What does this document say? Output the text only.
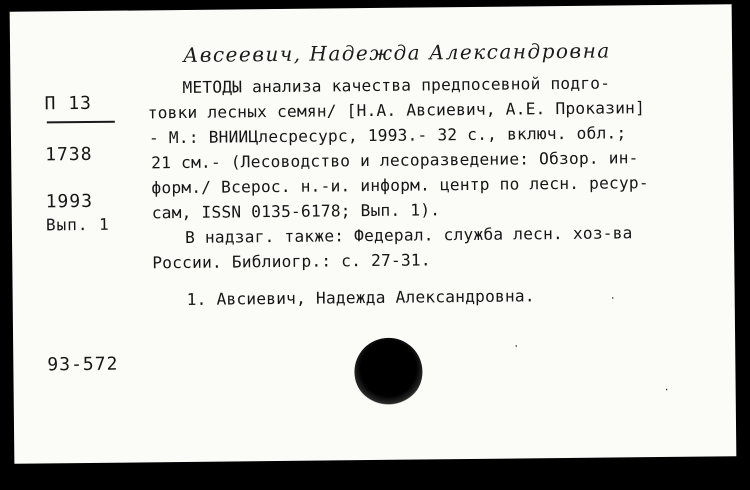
Авсеевич, Надежда Александровна
П 13
1738
1993
Вып. 1
МЕТОДЫ анализа качества предпосевной подго-
товки лесных семян/ [Н.А. Авсиевич, А.Е. Проказин]
- М.: ВНИИЦлесресурс, 1993.- 32 с., включ. обл.;
21 см.- (Лесоводство и лесоразведение: Обзор. ин-
форм./ Всерос. н.-и. информ. центр по лесн. ресур-
сам, ISSN 0135-6178; Вып. 1).
В надзаг. также: Федерал. служба лесн. хоз-ва
России. Библиогр.: с. 27-31.
1. Авсиевич, Надежда Александровна.
93-572
·
·
·
